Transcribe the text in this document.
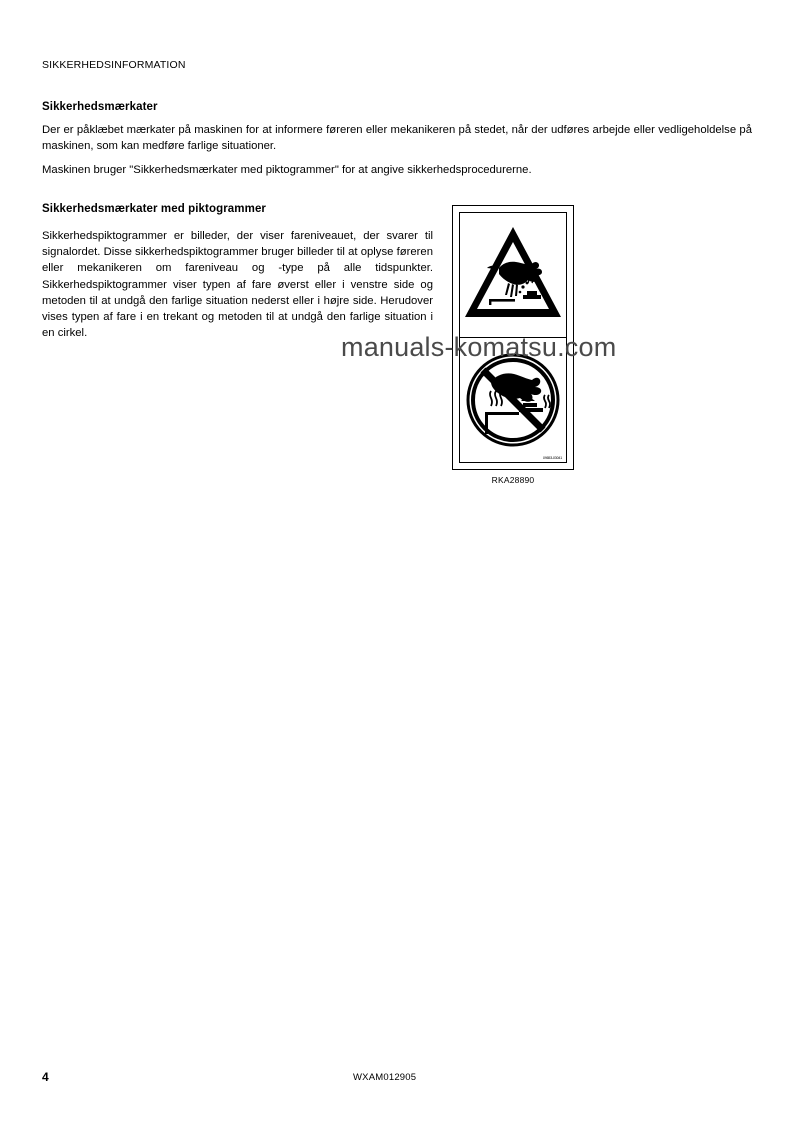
SIKKERHEDSINFORMATION
Sikkerhedsmærkater
Der er påklæbet mærkater på maskinen for at informere føreren eller mekanikeren på stedet, når der udføres arbejde eller vedligeholdelse på maskinen, som kan medføre farlige situationer.
Maskinen bruger "Sikkerhedsmærkater med piktogrammer" for at angive sikkerhedsprocedurerne.
Sikkerhedsmærkater med piktogrammer
Sikkerhedspiktogrammer er billeder, der viser fareniveauet, der svarer til signalordet. Disse sikkerhedspiktogrammer bruger billeder til at oplyse føreren eller mekanikeren om fareniveau og -type på alle tidspunkter. Sikkerhedspiktogrammer viser typen af fare øverst eller i venstre side og metoden til at undgå den farlige situation nederst eller i højre side. Herudover vises typen af fare i en trekant og metoden til at undgå den farlige situation i en cirkel.
09653-03041
RKA28890
manuals-komatsu.com
4	WXAM012905
